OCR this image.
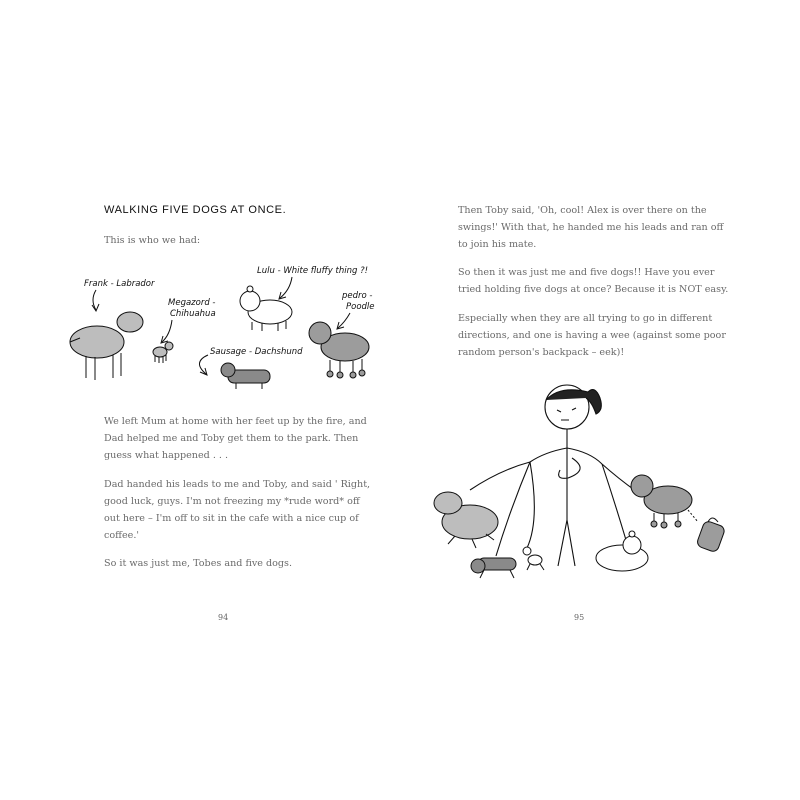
WALKING FIVE DOGS AT ONCE.
This is who we had:
Frank - Labrador
Megazord -
Chihuahua
Lulu - White fluffy thing ?!
pedro -
Poodle
Sausage - Dachshund
We left Mum at home with her feet up by the fire, and
Dad helped me and Toby get them to the park. Then
guess what happened . . .
Dad handed his leads to me and Toby, and said ' Right,
good luck, guys. I'm not freezing my *rude word* off
out here – I'm off to sit in the cafe with a nice cup of
coffee.'
So it was just me, Tobes and five dogs.
94
Then Toby said, 'Oh, cool! Alex is over there on the
swings!' With that, he handed me his leads and ran off
to join his mate.
So then it was just me and five dogs!! Have you ever
tried holding five dogs at once? Because it is NOT easy.
Especially when they are all trying to go in different
directions, and one is having a wee (against some poor
random person's backpack – eek)!
95
